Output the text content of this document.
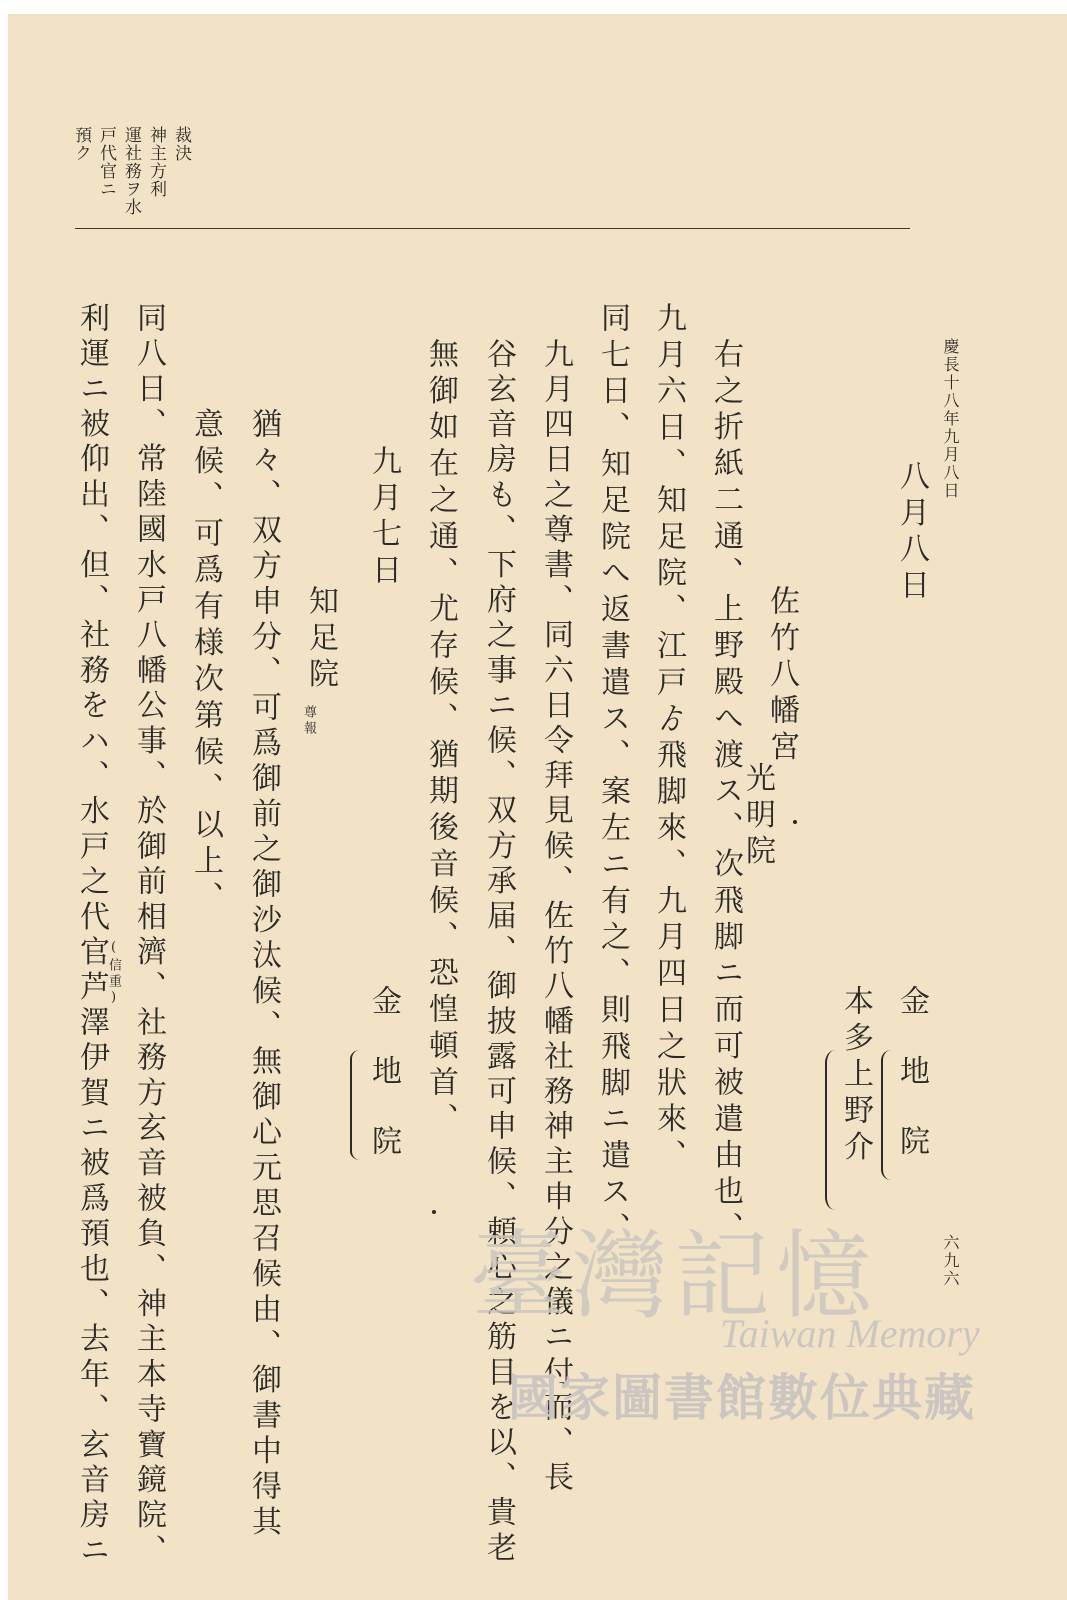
裁決
神主方利
運社務ヲ水
戸代官ニ
預ク
慶長十八年九月八日
六九六
八月八日
金地院
本多上野介
佐竹八幡宮
光明院
右之折紙二通、上野殿へ渡ス、次飛脚ニ而可被遣由也、
九月六日、知足院、江戸ゟ飛脚來、九月四日之狀來、
同七日、知足院へ返書遣ス、案左ニ有之、則飛脚ニ遣ス、
九月四日之尊書、同六日令拜見候、佐竹八幡社務神主申分之儀ニ付而、長
谷玄音房も、下府之事ニ候、双方承届、御披露可申候、頼心之筋目を以、貴老
無御如在之通、尤存候、猶期後音候、恐惶頓首、
九月七日
金地院
知足院
尊報
猶々、双方申分、可爲御前之御沙汰候、無御心元思召候由、御書中得其
意候、可爲有様次第候、以上、
同八日、常陸國水戸八幡公事、於御前相濟、社務方玄音被負、神主本寺寶鏡院、
(信重)
利運ニ被仰出、但、社務をハ、水戸之代官芦澤伊賀ニ被爲預也、去年、玄音房ニ	臺灣記憶
Taiwan Memory
國家圖書館數位典藏
